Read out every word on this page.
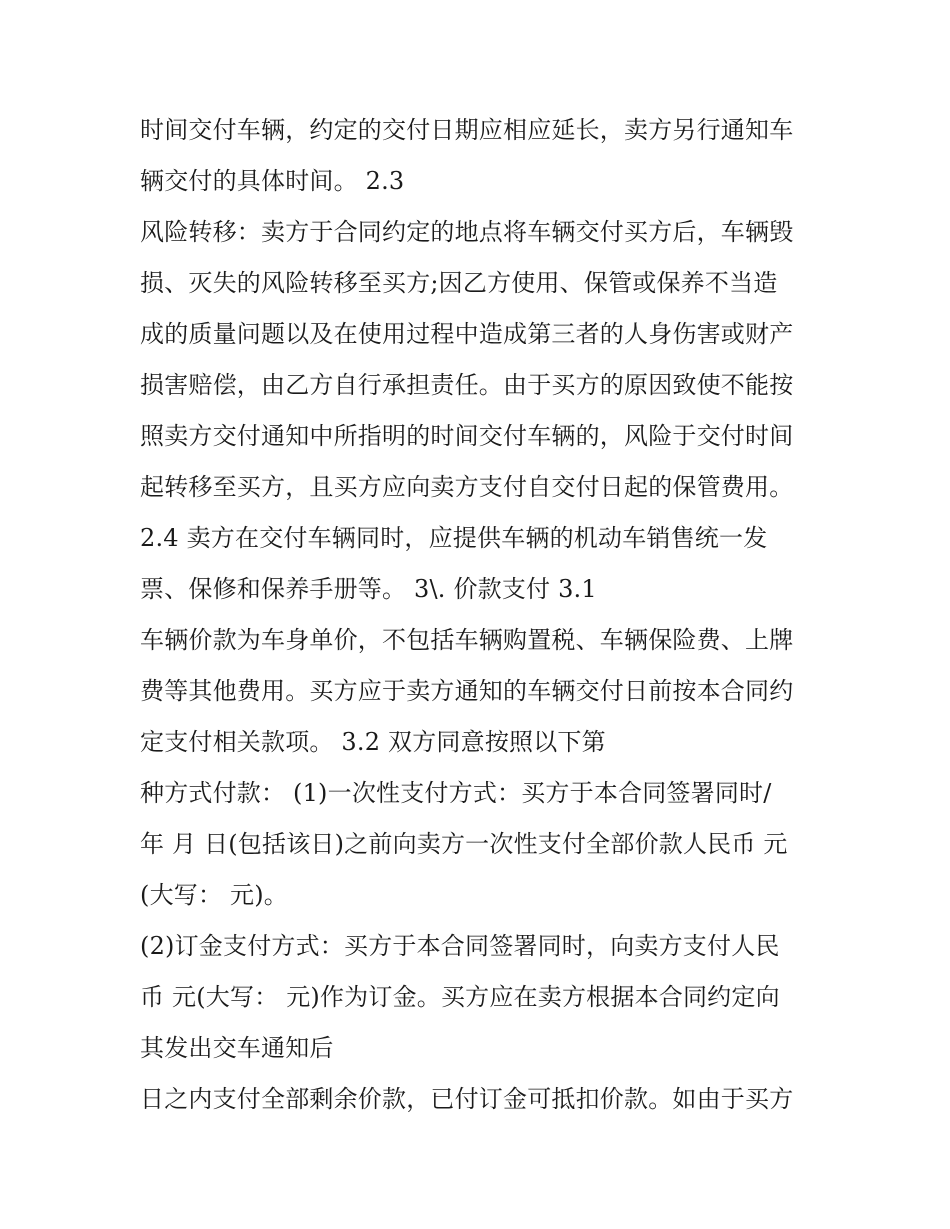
时间交付车辆，约定的交付日期应相应延长，卖方另行通知车
辆交付的具体时间。 2.3
风险转移：卖方于合同约定的地点将车辆交付买方后，车辆毁
损、灭失的风险转移至买方;因乙方使用、保管或保养不当造
成的质量问题以及在使用过程中造成第三者的人身伤害或财产
损害赔偿，由乙方自行承担责任。由于买方的原因致使不能按
照卖方交付通知中所指明的时间交付车辆的，风险于交付时间
起转移至买方，且买方应向卖方支付自交付日起的保管费用。
2.4 卖方在交付车辆同时，应提供车辆的机动车销售统一发
票、保修和保养手册等。 3\. 价款支付 3.1
车辆价款为车身单价，不包括车辆购置税、车辆保险费、上牌
费等其他费用。买方应于卖方通知的车辆交付日前按本合同约
定支付相关款项。 3.2 双方同意按照以下第
种方式付款： (1)一次性支付方式：买方于本合同签署同时/
年 月 日(包括该日)之前向卖方一次性支付全部价款人民币 元
(大写： 元)。
(2)订金支付方式：买方于本合同签署同时，向卖方支付人民
币 元(大写： 元)作为订金。买方应在卖方根据本合同约定向
其发出交车通知后
日之内支付全部剩余价款，已付订金可抵扣价款。如由于买方
